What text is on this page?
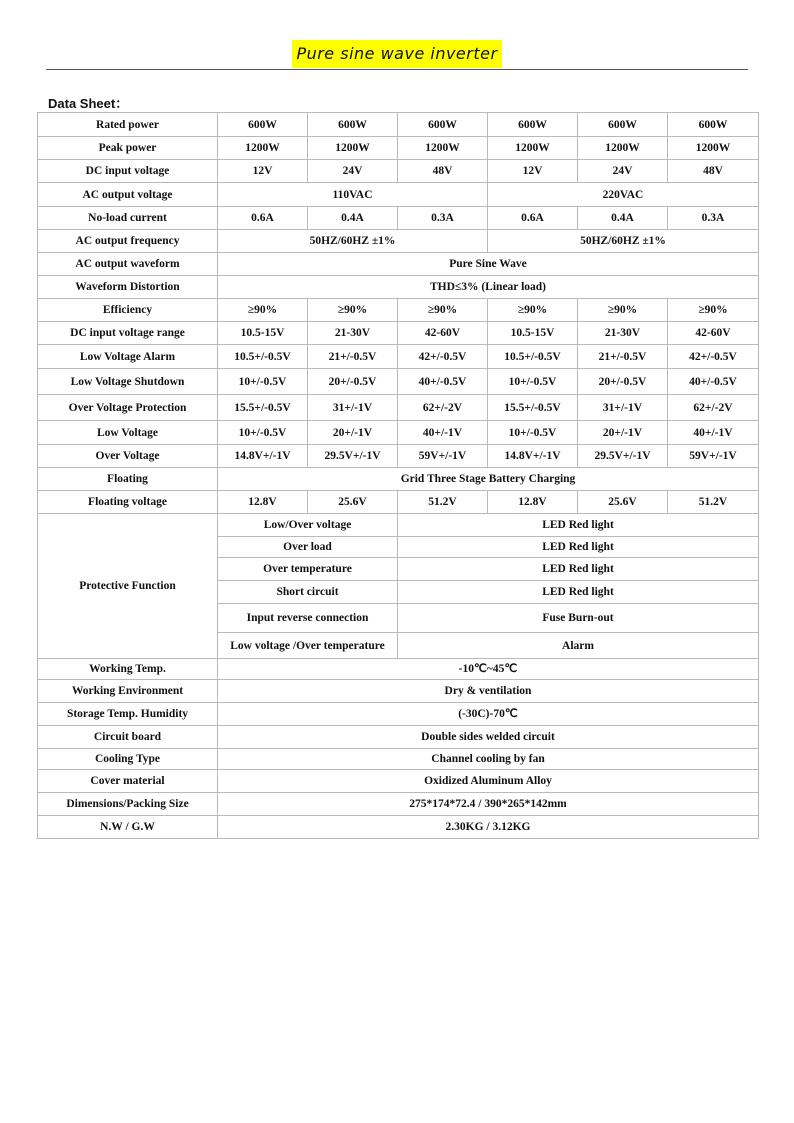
Pure sine wave inverter
Data Sheet：
Rated power	600W	600W	600W	600W	600W	600W
Peak power	1200W	1200W	1200W	1200W	1200W	1200W
DC input voltage	12V	24V	48V	12V	24V	48V
AC output voltage	110VAC			220VAC		
No-load current	0.6A	0.4A	0.3A	0.6A	0.4A	0.3A
AC output frequency	50HZ/60HZ ±1%			50HZ/60HZ ±1%		
AC output waveform	Pure Sine Wave					
Waveform Distortion	THD≤3% (Linear load)					
Efficiency	≥90%	≥90%	≥90%	≥90%	≥90%	≥90%
DC input voltage range	10.5-15V	21-30V	42-60V	10.5-15V	21-30V	42-60V
Low Voltage Alarm	10.5+/-0.5V	21+/-0.5V	42+/-0.5V	10.5+/-0.5V	21+/-0.5V	42+/-0.5V
Low Voltage Shutdown	10+/-0.5V	20+/-0.5V	40+/-0.5V	10+/-0.5V	20+/-0.5V	40+/-0.5V
Over Voltage Protection	15.5+/-0.5V	31+/-1V	62+/-2V	15.5+/-0.5V	31+/-1V	62+/-2V
Low Voltage	10+/-0.5V	20+/-1V	40+/-1V	10+/-0.5V	20+/-1V	40+/-1V
Over Voltage	14.8V+/-1V	29.5V+/-1V	59V+/-1V	14.8V+/-1V	29.5V+/-1V	59V+/-1V
Floating	Grid Three Stage Battery Charging					
Floating voltage	12.8V	25.6V	51.2V	12.8V	25.6V	51.2V
Protective Function	Low/Over voltage		LED Red light			
	Over load		LED Red light			
	Over temperature		LED Red light			
	Short circuit		LED Red light			
	Input reverse connection		Fuse Burn-out			
	Low voltage /Over temperature		Alarm			
Working Temp.	-10℃~45℃					
Working Environment	Dry & ventilation					
Storage Temp. Humidity	(-30C)-70℃					
Circuit board	Double sides welded circuit					
Cooling Type	Channel cooling by fan					
Cover material	Oxidized Aluminum Alloy					
Dimensions/Packing Size	275*174*72.4 / 390*265*142mm					
N.W / G.W	2.30KG / 3.12KG					
